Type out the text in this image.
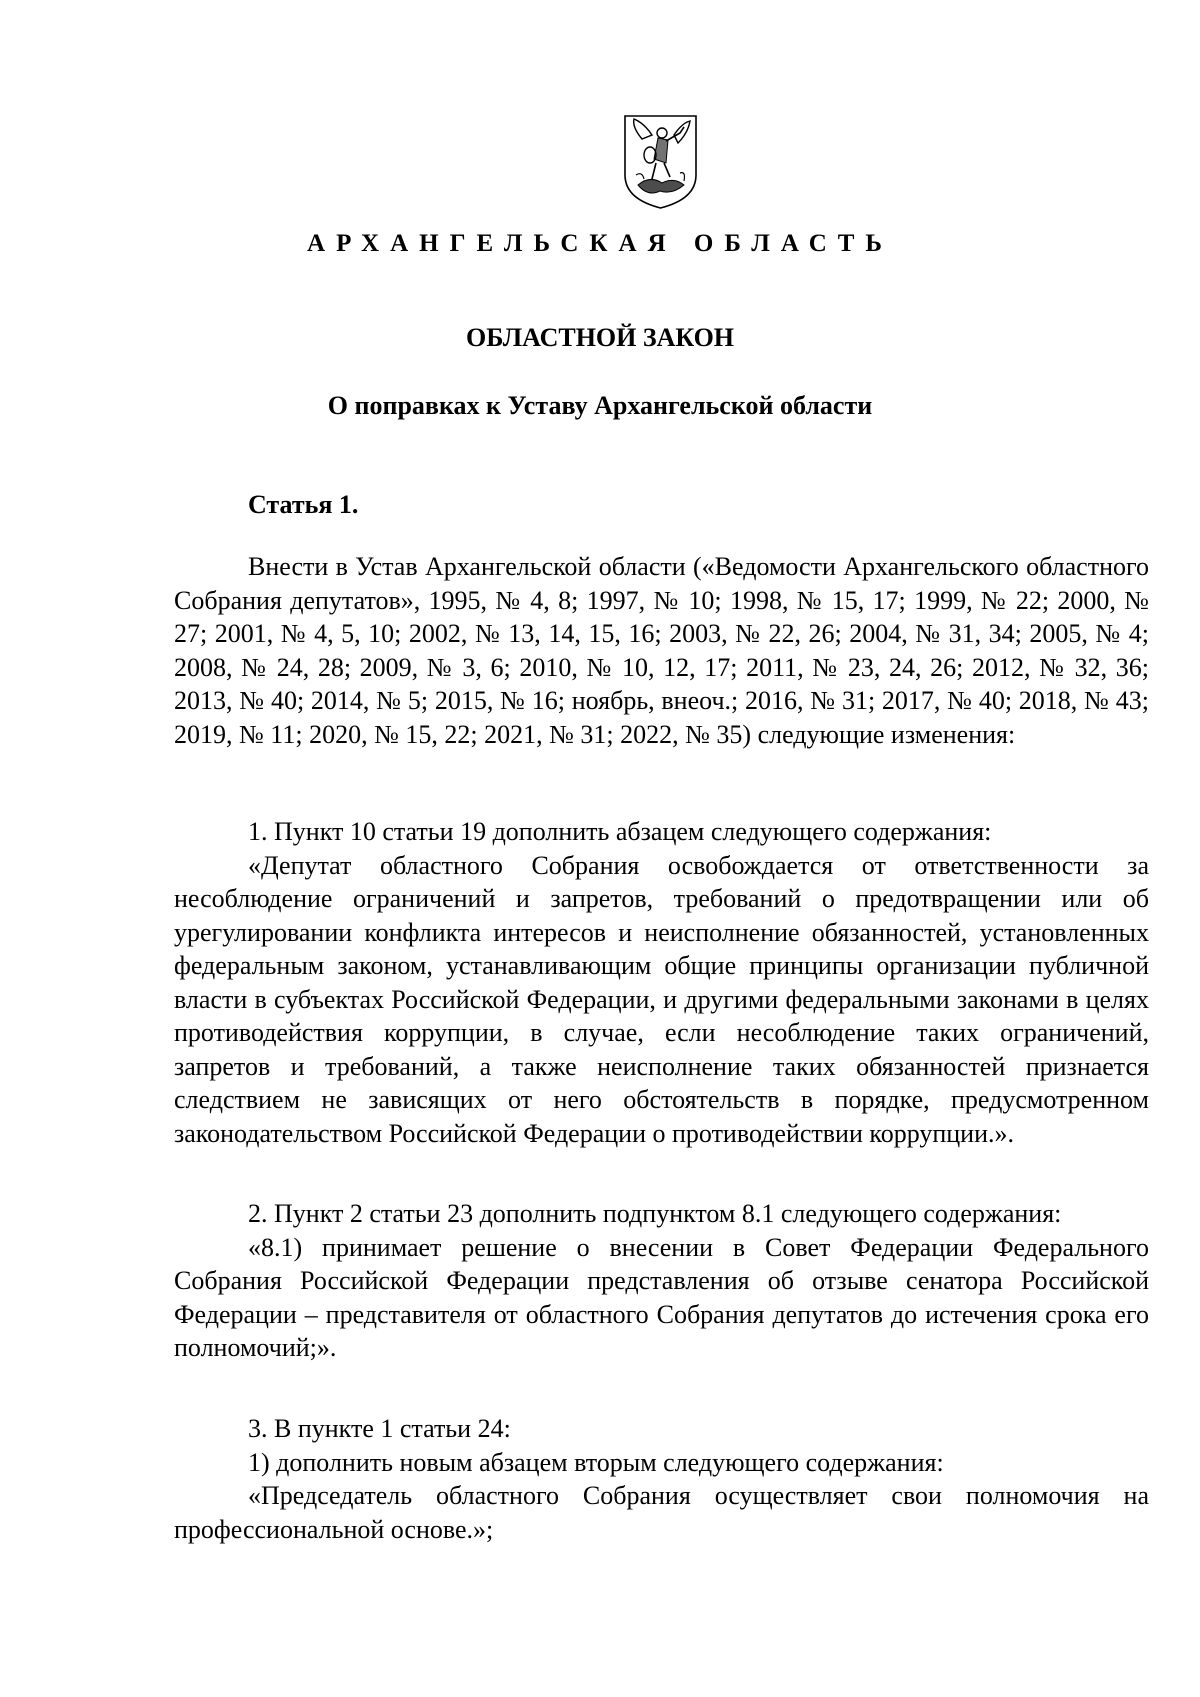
АРХАНГЕЛЬСКАЯ ОБЛАСТЬ
ОБЛАСТНОЙ ЗАКОН
О поправках к Уставу Архангельской области
Статья 1.

Внести в Устав Архангельской области («Ведомости Архангельского областного Собрания депутатов», 1995, № 4, 8; 1997, № 10; 1998, № 15, 17; 1999, № 22; 2000, № 27; 2001, № 4, 5, 10; 2002, № 13, 14, 15, 16; 2003, № 22, 26; 2004, № 31, 34; 2005, № 4; 2008, № 24, 28; 2009, № 3, 6; 2010, № 10, 12, 17; 2011, № 23, 24, 26; 2012, № 32, 36; 2013, № 40; 2014, № 5; 2015, № 16; ноябрь, внеоч.; 2016, № 31; 2017, № 40; 2018, № 43; 2019, № 11; 2020, № 15, 22; 2021, № 31; 2022, № 35) следующие изменения:

1. Пункт 10 статьи 19 дополнить абзацем следующего содержания:

«Депутат областного Собрания освобождается от ответственности за несоблюдение ограничений и запретов, требований о предотвращении или об урегулировании конфликта интересов и неисполнение обязанностей, установленных федеральным законом, устанавливающим общие принципы организации публичной власти в субъектах Российской Федерации, и другими федеральными законами в целях противодействия коррупции, в случае, если несоблюдение таких ограничений, запретов и требований, а также неисполнение таких обязанностей признается следствием не зависящих от него обстоятельств в порядке, предусмотренном законодательством Российской Федерации о противодействии коррупции.».

2. Пункт 2 статьи 23 дополнить подпунктом 8.1 следующего содержания:

«8.1) принимает решение о внесении в Совет Федерации Федерального Собрания Российской Федерации представления об отзыве сенатора Российской Федерации – представителя от областного Собрания депутатов до истечения срока его полномочий;».

3. В пункте 1 статьи 24:

1) дополнить новым абзацем вторым следующего содержания:

«Председатель областного Собрания осуществляет свои полномочия на профессиональной основе.»;
